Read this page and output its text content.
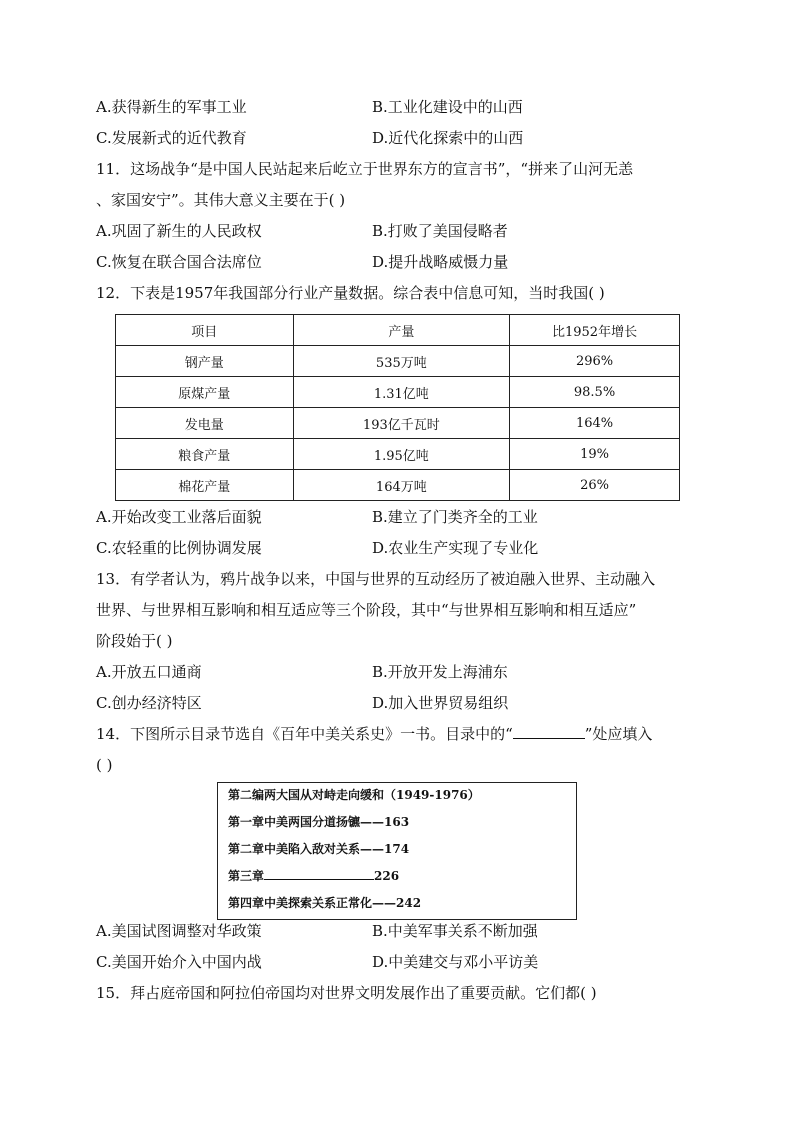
A.获得新生的军事工业	B.工业化建设中的山西
C.发展新式的近代教育	D.近代化探索中的山西
11．这场战争“是中国人民站起来后屹立于世界东方的宣言书”，“拼来了山河无恙
、家国安宁”。其伟大意义主要在于( )
A.巩固了新生的人民政权	B.打败了美国侵略者
C.恢复在联合国合法席位	D.提升战略威慑力量
12．下表是1957年我国部分行业产量数据。综合表中信息可知，当时我国( )
项目	产量	比1952年增长
钢产量	535万吨	296%
原煤产量	1.31亿吨	98.5%
发电量	193亿千瓦时	164%
粮食产量	1.95亿吨	19%
棉花产量	164万吨	26%
A.开始改变工业落后面貌	B.建立了门类齐全的工业
C.农轻重的比例协调发展	D.农业生产实现了专业化
13．有学者认为，鸦片战争以来，中国与世界的互动经历了被迫融入世界、主动融入
世界、与世界相互影响和相互适应等三个阶段，其中“与世界相互影响和相互适应”
阶段始于( )
A.开放五口通商	B.开放开发上海浦东
C.创办经济特区	D.加入世界贸易组织
14．下图所示目录节选自《百年中美关系史》一书。目录中的“	”处应填入
( )
第二编两大国从对峙走向缓和（1949-1976）
第一章中美两国分道扬镳——163
第二章中美陷入敌对关系——174
第三章	226
第四章中美探索关系正常化——242
A.美国试图调整对华政策	B.中美军事关系不断加强
C.美国开始介入中国内战	D.中美建交与邓小平访美
15．拜占庭帝国和阿拉伯帝国均对世界文明发展作出了重要贡献。它们都( )
